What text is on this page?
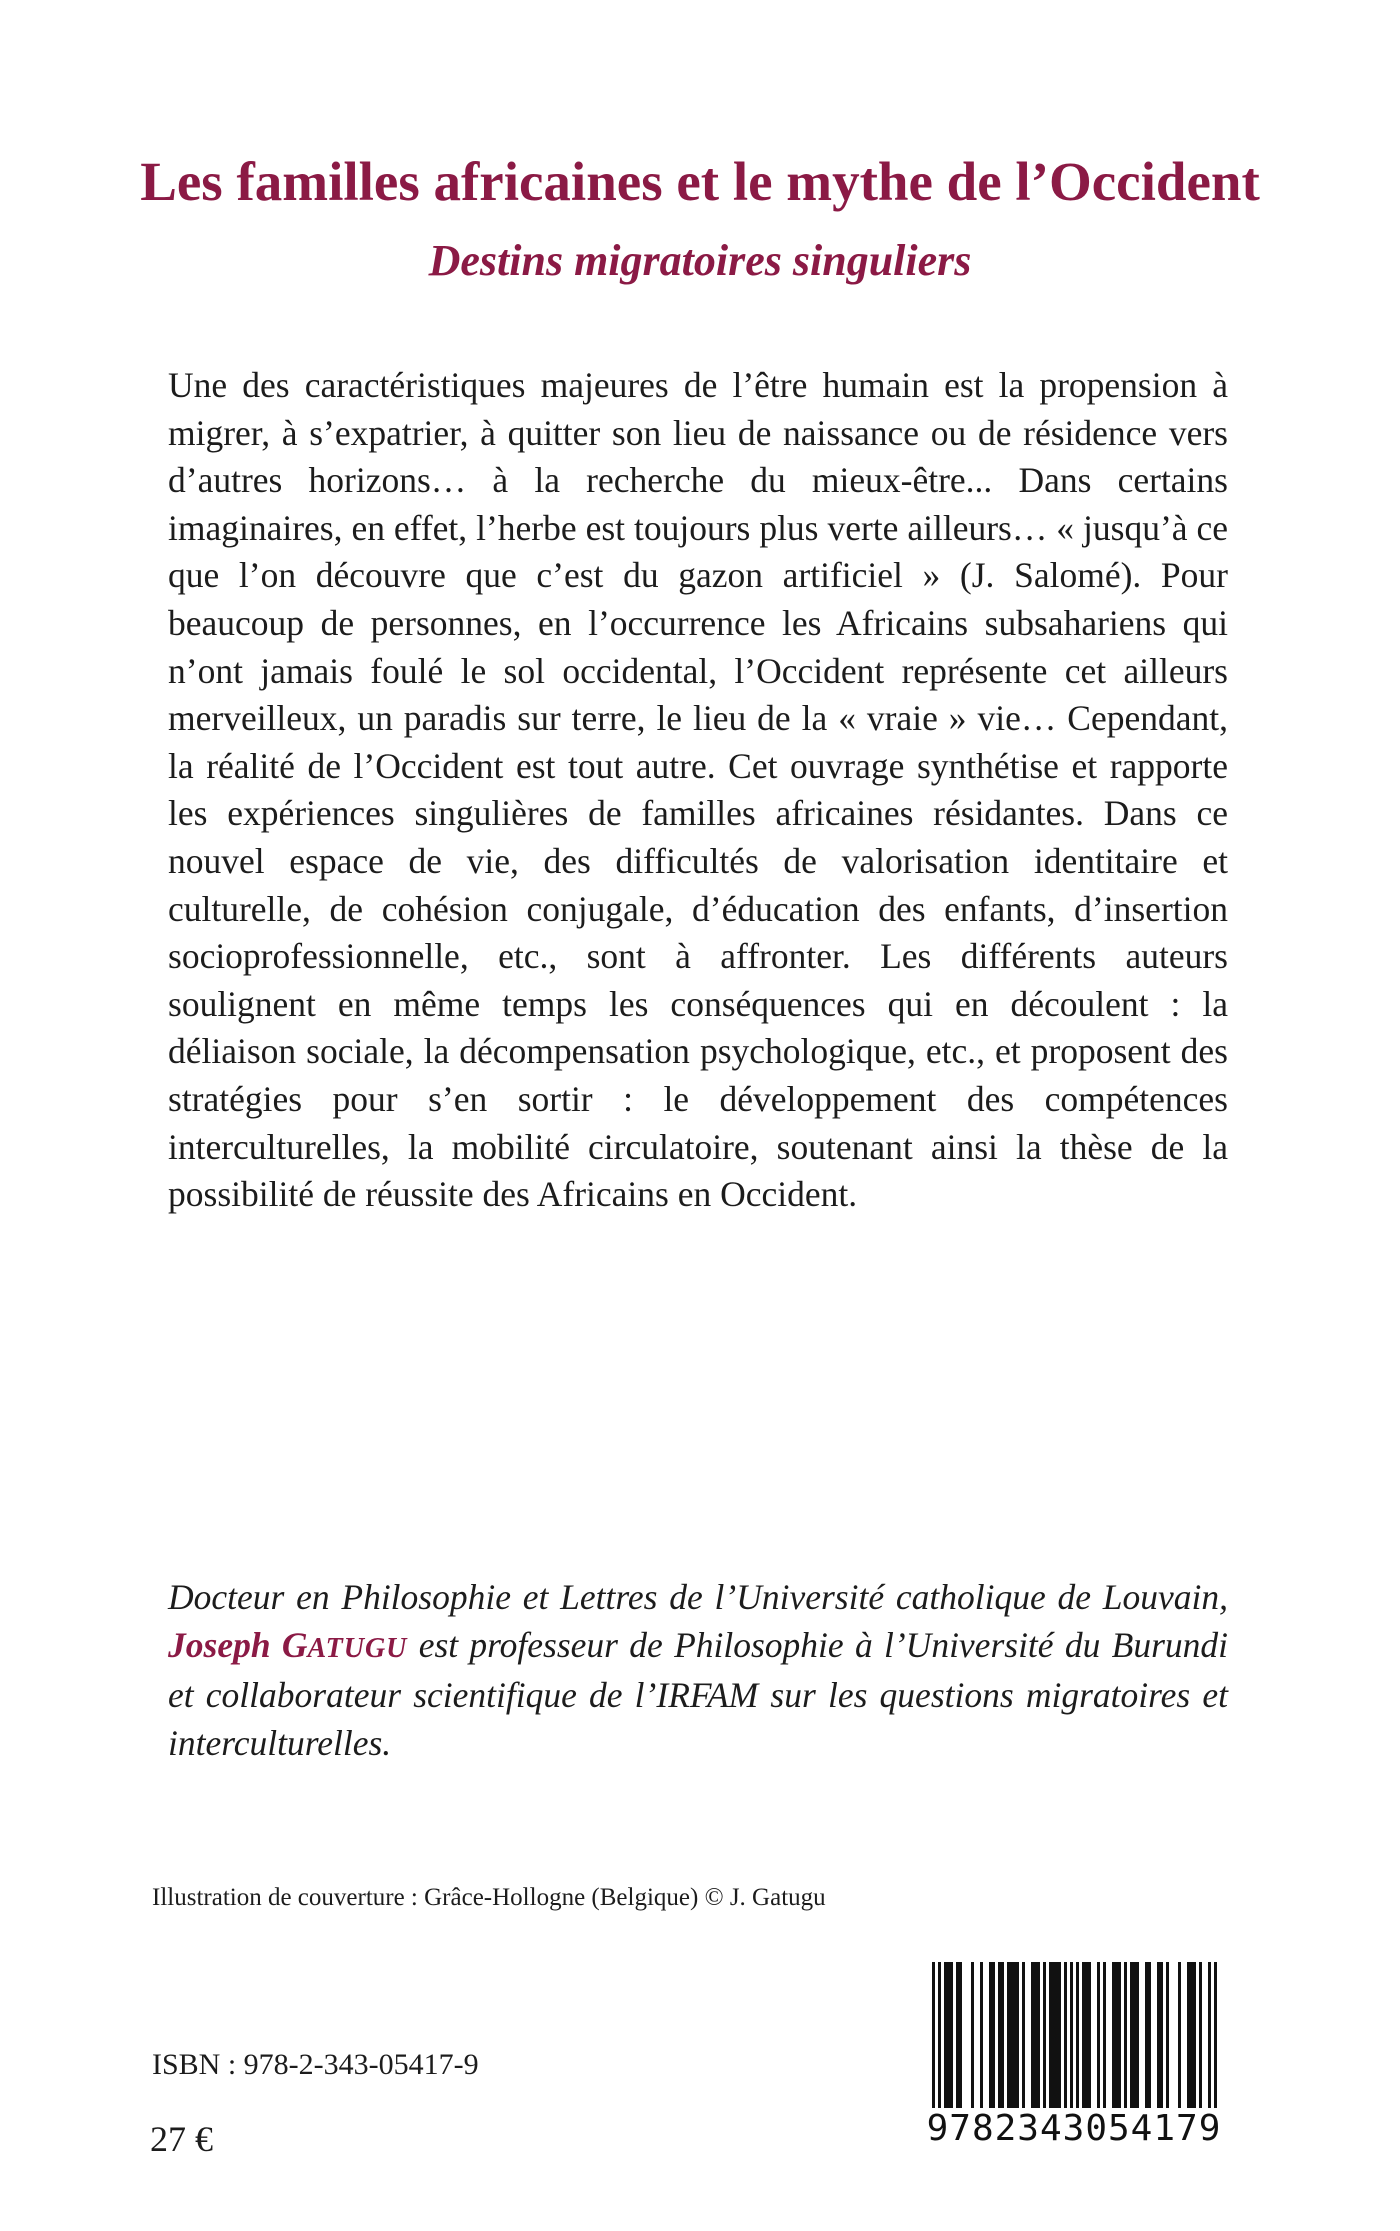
Les familles africaines et le mythe de l’Occident
Destins migratoires singuliers

Une des caractéristiques majeures de l’être humain est la propension à migrer, à s’expatrier, à quitter son lieu de naissance ou de résidence vers d’autres horizons… à la recherche du mieux-être... Dans certains imaginaires, en effet, l’herbe est toujours plus verte ailleurs… « jusqu’à ce que l’on découvre que c’est du gazon artificiel » (J. Salomé). Pour beaucoup de personnes, en l’occurrence les Africains subsahariens qui n’ont jamais foulé le sol occidental, l’Occident représente cet ailleurs merveilleux, un paradis sur terre, le lieu de la « vraie » vie… Cependant, la réalité de l’Occident est tout autre. Cet ouvrage synthétise et rapporte les expériences singulières de familles africaines résidantes. Dans ce nouvel espace de vie, des difficultés de valorisation identitaire et culturelle, de cohésion conjugale, d’éducation des enfants, d’insertion socioprofessionnelle, etc., sont à affronter. Les différents auteurs soulignent en même temps les conséquences qui en découlent : la déliaison sociale, la décompensation psychologique, etc., et proposent des stratégies pour s’en sortir : le développement des compétences interculturelles, la mobilité circulatoire, soutenant ainsi la thèse de la possibilité de réussite des Africains en Occident.

Docteur en Philosophie et Lettres de l’Université catholique de Louvain, Joseph GATUGU est professeur de Philosophie à l’Université du Burundi et collaborateur scientifique de l’IRFAM sur les questions migratoires et interculturelles.

Illustration de couverture : Grâce-Hollogne (Belgique) © J. Gatugu
ISBN : 978-2-343-05417-9
27 €	9782343054179
